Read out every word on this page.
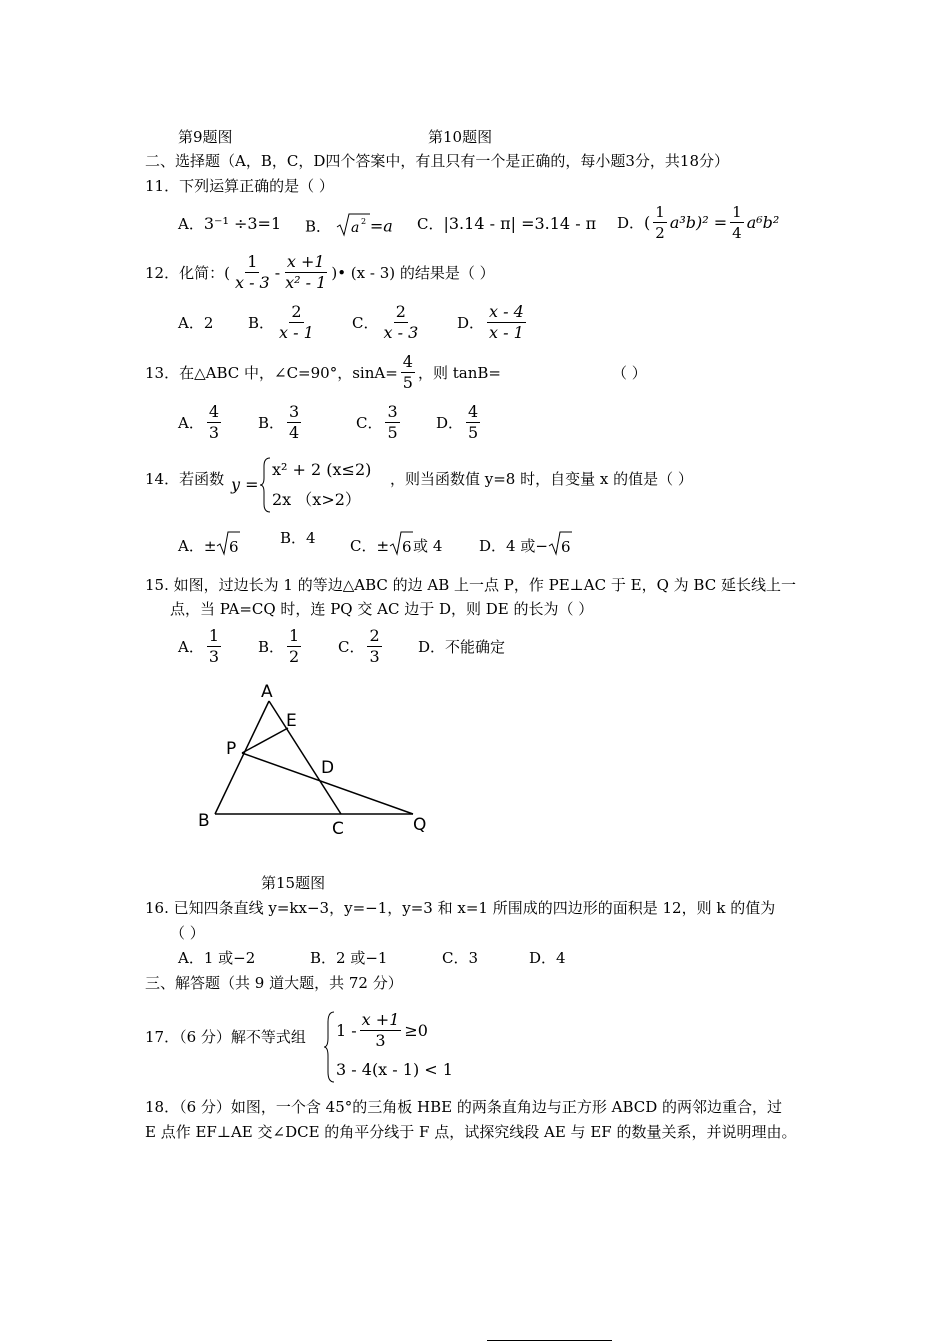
第9题图	第10题图
二、选择题（A，B，C，D四个答案中，有且只有一个是正确的，每小题3分，共18分）
11．下列运算正确的是（ ）
A．3⁻¹ ÷3=1 B． a 2 =a C．|3.14 - π| =3.14 - π D． ( $\frac{1}{2} a^3b)^2 = \frac{1}{4} a^6b^2$
12．化简：( $\frac{1}{x - 3} - \frac{x +1}{\text{x² - 1}}$ )• (x - 3) 的结果是（ ）
A．2 B． $\frac{2}{x - 1}$ C． $\frac{2}{x - 3}$ D． $\frac{x - 4}{x - 1}$
13．在△ABC 中，∠C=90°，$\sin A= \frac{4}{5}$ ，则 tanB=	（ ）
A． $\frac{4}{3}$ B． $\frac{3}{4}$	C． $\frac{3}{5}$ D． $\frac{4}{5}$
14．若函数 y =
x² + 2 (x≤2)
2x （x>2）
，则当函数值 y=8 时，自变量 x 的值是（ ）
A．± 6	B．4 C．± 6 或 4 D．4 或− 6
15. 如图，过边长为 1 的等边△ABC 的边 AB 上一点 P，作 PE⊥AC 于 E，Q 为 BC 延长线上一
点，当 PA=CQ 时，连 PQ 交 AC 边于 D，则 DE 的长为（ ）
A． $\frac{1}{3}$ B． $\frac{1}{2}$ C． $\frac{2}{3}$ D．不能确定
A
E
P
D
B	C	Q
第15题图
16. 已知四条直线 y=kx−3，y=−1，y=3 和 x=1 所围成的四边形的面积是 12，则 k 的值为
（ ）
A．1 或−2	B．2 或−1	C．3	D．4
三、解答题（共 9 道大题，共 72 分）
17．（6 分）解不等式组 $1 - \frac{x +1}{3} \ge 0$
3 - 4(x - 1) < 1
18．（6 分）如图，一个含 45°的三角板 HBE 的两条直角边与正方形 ABCD 的两邻边重合，过
E 点作 EF⊥AE 交∠DCE 的角平分线于 F 点，试探究线段 AE 与 EF 的数量关系，并说明理由。
